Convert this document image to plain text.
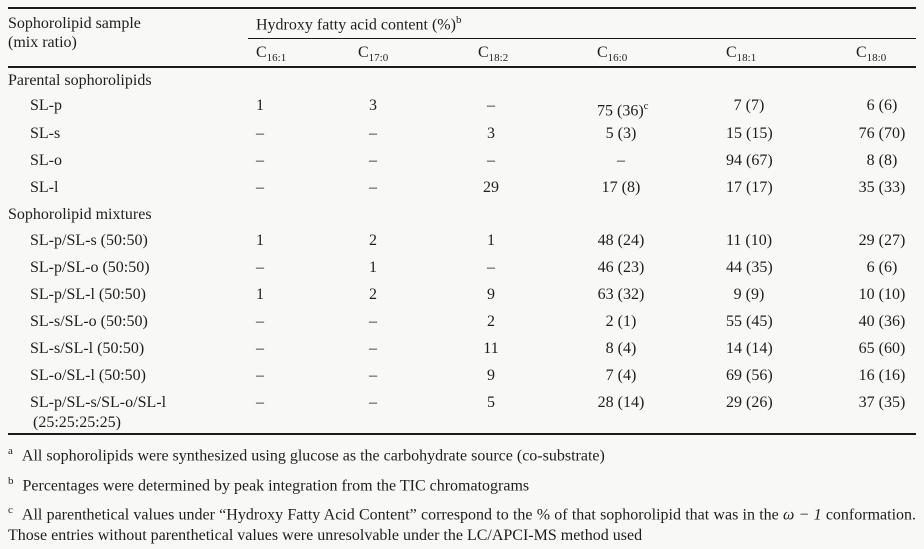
Sophorolipid sample
(mix ratio)	Hydroxy fatty acid content (%)$^b$
	$C_{16:1}$	$C_{17:0}$	$C_{18:2}$	$C_{16:0}$	$C_{18:1}$	$C_{18:0}$
Parental sophorolipids						
SL-p	1	3	–	75 $(36)^c$	7 (7)	6 (6)
SL-s	–	–	3	5 (3)	15 (15)	76 (70)
SL-o	–	–	–	–	94 (67)	8 (8)
SL-l	–	–	29	17 (8)	17 (17)	35 (33)
Sophorolipid mixtures						
SL-p/SL-s (50:50)	1	2	1	48 (24)	11 (10)	29 (27)
SL-p/SL-o (50:50)	–	1	–	46 (23)	44 (35)	6 (6)
SL-p/SL-l (50:50)	1	2	9	63 (32)	9 (9)	10 (10)
SL-s/SL-o (50:50)	–	–	2	2 (1)	55 (45)	40 (36)
SL-s/SL-l (50:50)	–	–	11	8 (4)	14 (14)	65 (60)
SL-o/SL-l (50:50)	–	–	9	7 (4)	69 (56)	16 (16)
SL-p/SL-s/SL-o/SL-l
(25:25:25:25)	–	–	5	28 (14)	29 (26)	37 (35)
$^a$ All sophorolipids were synthesized using glucose as the carbohydrate source (co-substrate)
$^b$ Percentages were determined by peak integration from the TIC chromatograms
$^c$ All parenthetical values under “Hydroxy Fatty Acid Content” correspond to the % of that sophorolipid that was in the ω − 1 conformation. Those entries without parenthetical values were unresolvable under the LC/APCI-MS method used
